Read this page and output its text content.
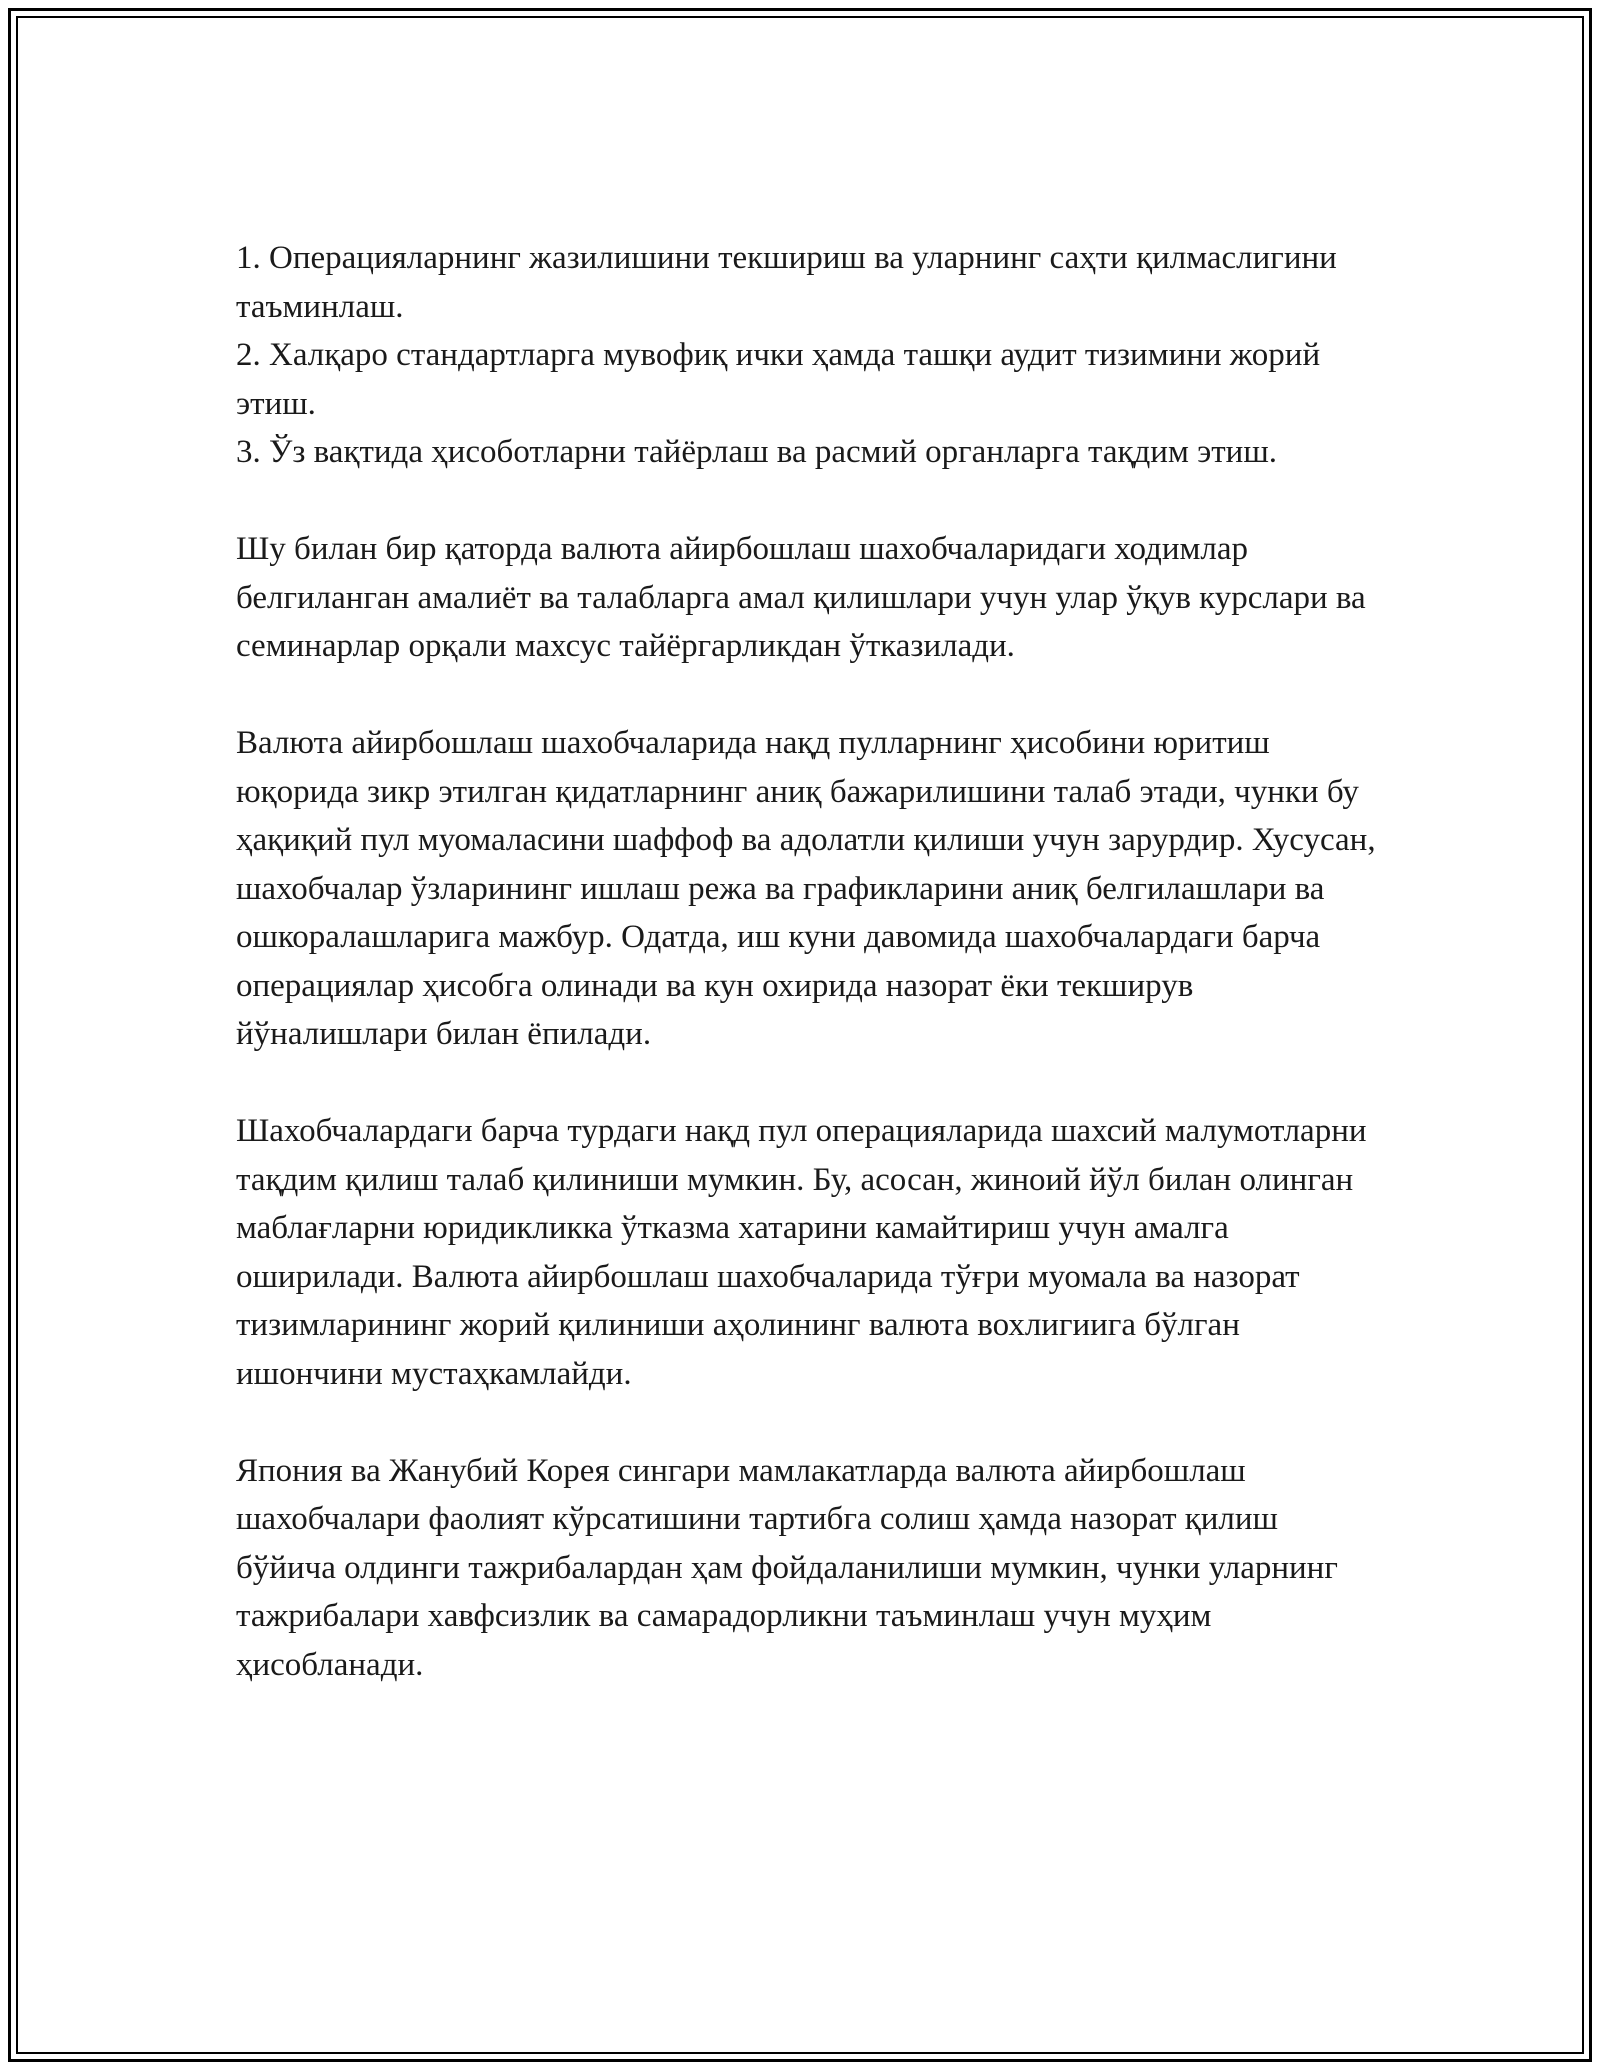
1. Операцияларнинг жазилишини текшириш ва уларнинг саҳти қилмаслигини таъминлаш.
2. Халқаро стандартларга мувофиқ ички ҳамда ташқи аудит тизимини жорий этиш.
3. Ўз вақтида ҳисоботларни тайёрлаш ва расмий органларга тақдим этиш.

Шу билан бир қаторда валюта айирбошлаш шахобчаларидаги ходимлар белгиланган амалиёт ва талабларга амал қилишлари учун улар ўқув курслари ва семинарлар орқали махсус тайёргарликдан ўтказилади.

Валюта айирбошлаш шахобчаларида нақд пулларнинг ҳисобини юритиш юқорида зикр этилган қидатларнинг аниқ бажарилишини талаб этади, чунки бу ҳақиқий пул муомаласини шаффоф ва адолатли қилиши учун зарурдир. Хусусан, шахобчалар ўзларининг ишлаш режа ва графикларини аниқ белгилашлари ва ошкоралашларига мажбур. Одатда, иш куни давомида шахобчалардаги барча операциялар ҳисобга олинади ва кун охирида назорат ёки текширув йўналишлари билан ёпилади.

Шахобчалардаги барча турдаги нақд пул операцияларида шахсий малумотларни тақдим қилиш талаб қилиниши мумкин. Бу, асосан, жиноий йўл билан олинган маблағларни юридикликка ўтказма хатарини камайтириш учун амалга оширилади. Валюта айирбошлаш шахобчаларида тўғри муомала ва назорат тизимларининг жорий қилиниши аҳолининг валюта вохлигиига бўлган ишончини мустаҳкамлайди.

Япония ва Жанубий Корея сингари мамлакатларда валюта айирбошлаш шахобчалари фаолият кўрсатишини тартибга солиш ҳамда назорат қилиш бўйича олдинги тажрибалардан ҳам фойдаланилиши мумкин, чунки уларнинг тажрибалари хавфсизлик ва самарадорликни таъминлаш учун муҳим ҳисобланади.
